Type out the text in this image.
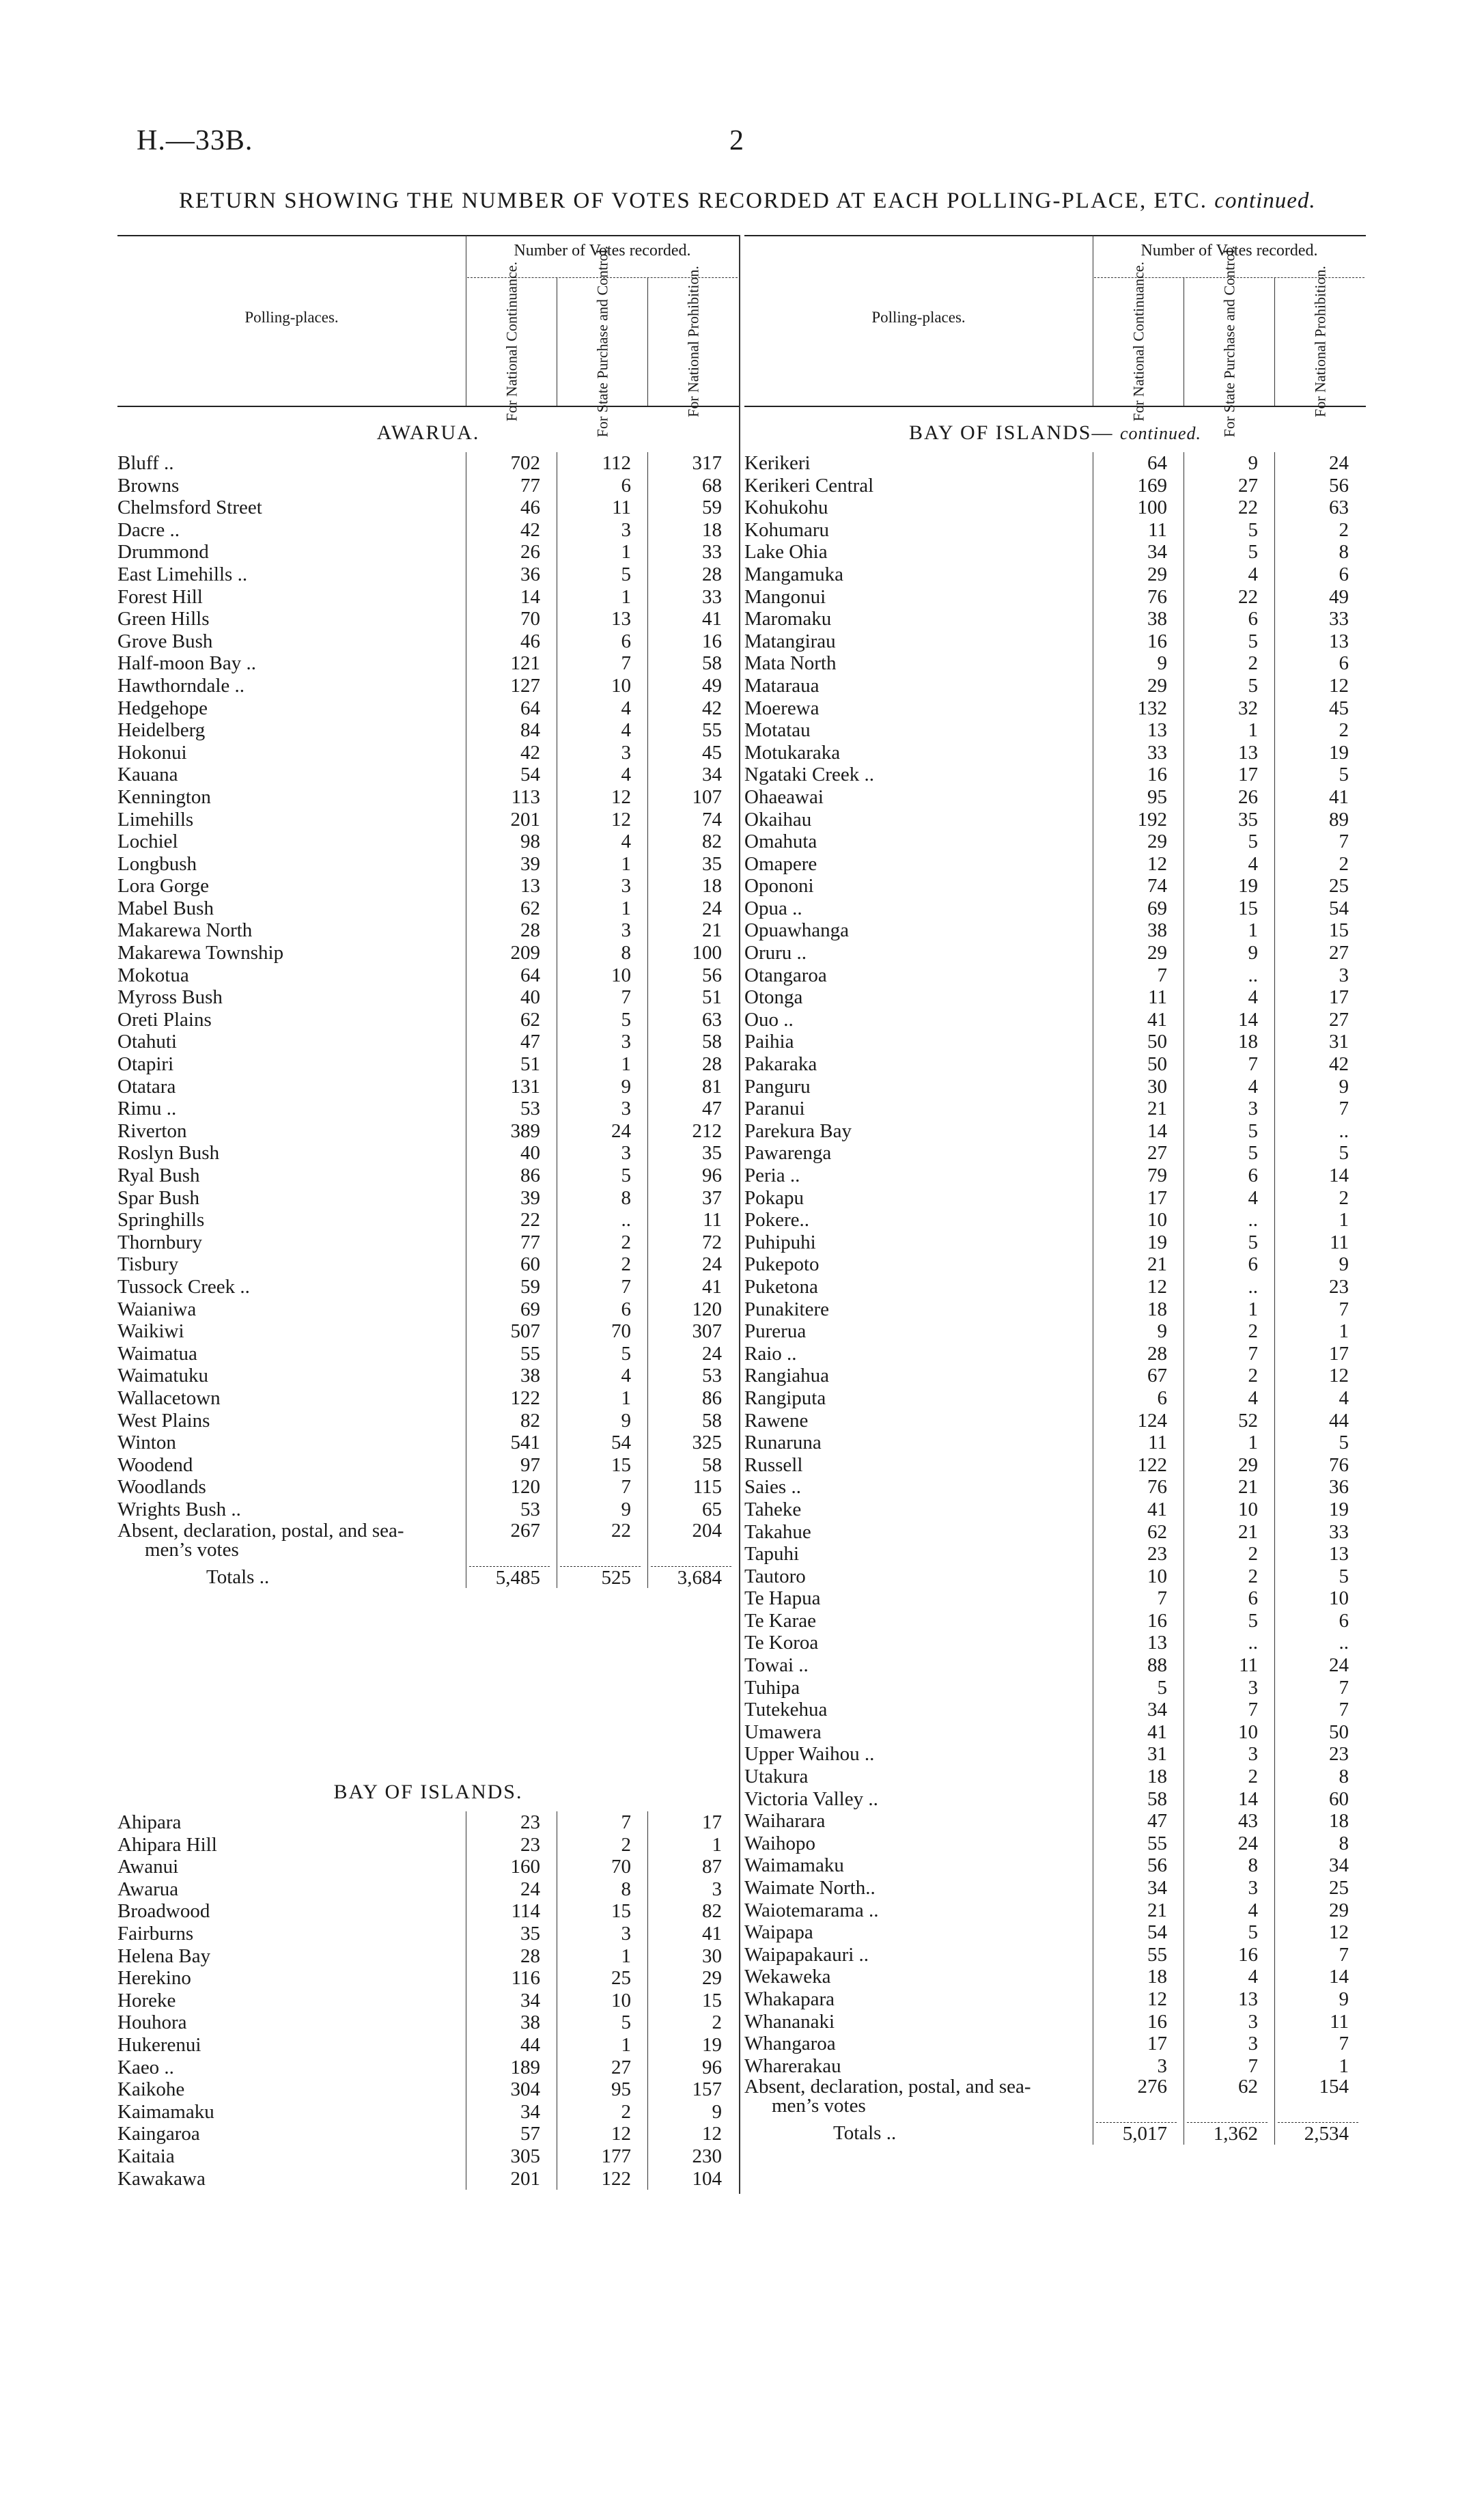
H.—33B.	2
RETURN SHOWING THE NUMBER OF VOTES RECORDED AT EACH POLLING-PLACE, ETC. continued.
Polling-places.
Number of Votes recorded.
For National Continuance.	For State Purchase and Control.	For National Prohibition.	Polling-places.
Number of Votes recorded.
For National Continuance.	For State Purchase and Control.	For National Prohibition.
AWARUA.
Bluff ..	702	112	317
Browns	77	6	68
Chelmsford Street	46	11	59
Dacre ..	42	3	18
Drummond	26	1	33
East Limehills ..	36	5	28
Forest Hill	14	1	33
Green Hills	70	13	41
Grove Bush	46	6	16
Half-moon Bay ..	121	7	58
Hawthorndale ..	127	10	49
Hedgehope	64	4	42
Heidelberg	84	4	55
Hokonui	42	3	45
Kauana	54	4	34
Kennington	113	12	107
Limehills	201	12	74
Lochiel	98	4	82
Longbush	39	1	35
Lora Gorge	13	3	18
Mabel Bush	62	1	24
Makarewa North	28	3	21
Makarewa Township	209	8	100
Mokotua	64	10	56
Myross Bush	40	7	51
Oreti Plains	62	5	63
Otahuti	47	3	58
Otapiri	51	1	28
Otatara	131	9	81
Rimu ..	53	3	47
Riverton	389	24	212
Roslyn Bush	40	3	35
Ryal Bush	86	5	96
Spar Bush	39	8	37
Springhills	22	..	11
Thornbury	77	2	72
Tisbury	60	2	24
Tussock Creek ..	59	7	41
Waianiwa	69	6	120
Waikiwi	507	70	307
Waimatua	55	5	24
Waimatuku	38	4	53
Wallacetown	122	1	86
West Plains	82	9	58
Winton	541	54	325
Woodend	97	15	58
Woodlands	120	7	115
Wrights Bush ..	53	9	65
Absent, declaration, postal, and sea-
men’s votes
267	22	204
Totals ..	5,485	525	3,684
BAY OF ISLANDS.
Ahipara	23	7	17
Ahipara Hill	23	2	1
Awanui	160	70	87
Awarua	24	8	3
Broadwood	114	15	82
Fairburns	35	3	41
Helena Bay	28	1	30
Herekino	116	25	29
Horeke	34	10	15
Houhora	38	5	2
Hukerenui	44	1	19
Kaeo ..	189	27	96
Kaikohe	304	95	157
Kaimamaku	34	2	9
Kaingaroa	57	12	12
Kaitaia	305	177	230
Kawakawa	201	122	104
BAY OF ISLANDS— continued.
Kerikeri	64	9	24
Kerikeri Central	169	27	56
Kohukohu	100	22	63
Kohumaru	11	5	2
Lake Ohia	34	5	8
Mangamuka	29	4	6
Mangonui	76	22	49
Maromaku	38	6	33
Matangirau	16	5	13
Mata North	9	2	6
Mataraua	29	5	12
Moerewa	132	32	45
Motatau	13	1	2
Motukaraka	33	13	19
Ngataki Creek ..	16	17	5
Ohaeawai	95	26	41
Okaihau	192	35	89
Omahuta	29	5	7
Omapere	12	4	2
Opononi	74	19	25
Opua ..	69	15	54
Opuawhanga	38	1	15
Oruru ..	29	9	27
Otangaroa	7	..	3
Otonga	11	4	17
Ouo ..	41	14	27
Paihia	50	18	31
Pakaraka	50	7	42
Panguru	30	4	9
Paranui	21	3	7
Parekura Bay	14	5	..
Pawarenga	27	5	5
Peria ..	79	6	14
Pokapu	17	4	2
Pokere..	10	..	1
Puhipuhi	19	5	11
Pukepoto	21	6	9
Puketona	12	..	23
Punakitere	18	1	7
Pureruа	9	2	1
Raio ..	28	7	17
Rangiahua	67	2	12
Rangiputa	6	4	4
Rawene	124	52	44
Runaruna	11	1	5
Russell	122	29	76
Saies ..	76	21	36
Taheke	41	10	19
Takahue	62	21	33
Tapuhi	23	2	13
Tautoro	10	2	5
Te Hapua	7	6	10
Te Karae	16	5	6
Te Koroa	13	..	..
Towai ..	88	11	24
Tuhipa	5	3	7
Tutekehua	34	7	7
Umawera	41	10	50
Upper Waihou ..	31	3	23
Utakura	18	2	8
Victoria Valley ..	58	14	60
Waiharara	47	43	18
Waihopo	55	24	8
Waimamaku	56	8	34
Waimate North..	34	3	25
Waiotemarama ..	21	4	29
Waipapa	54	5	12
Waipapakauri ..	55	16	7
Wekaweka	18	4	14
Whakapara	12	13	9
Whananaki	16	3	11
Whangaroa	17	3	7
Wharerakau	3	7	1
Absent, declaration, postal, and sea-
men’s votes
276	62	154
Totals ..	5,017	1,362	2,534
